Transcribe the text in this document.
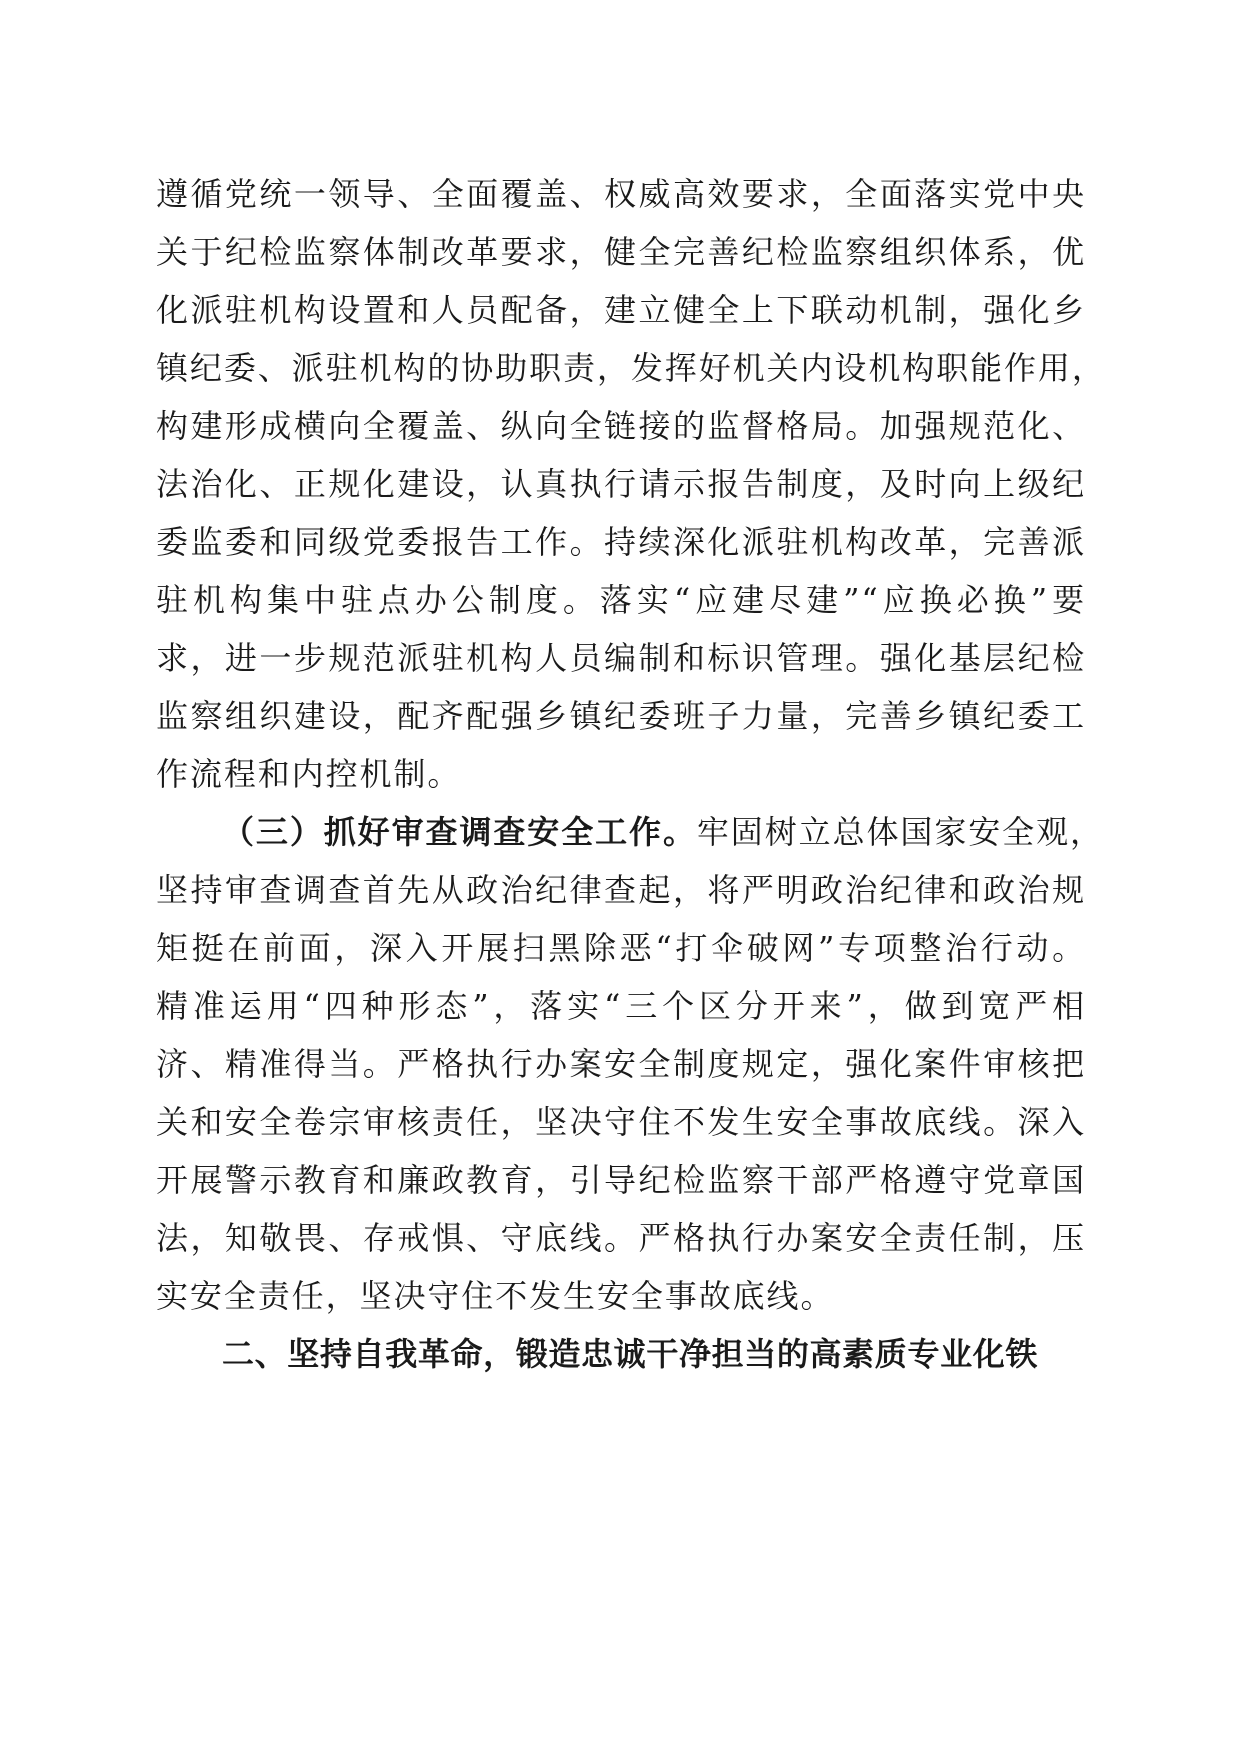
遵循党统一领导、全面覆盖、权威高效要求，全面落实党中央
关于纪检监察体制改革要求，健全完善纪检监察组织体系，优
化派驻机构设置和人员配备，建立健全上下联动机制，强化乡
镇纪委、派驻机构的协助职责，发挥好机关内设机构职能作用，
构建形成横向全覆盖、纵向全链接的监督格局。加强规范化、
法治化、正规化建设，认真执行请示报告制度，及时向上级纪
委监委和同级党委报告工作。持续深化派驻机构改革，完善派
驻机构集中驻点办公制度。落实“应建尽建”“应换必换”要
求，进一步规范派驻机构人员编制和标识管理。强化基层纪检
监察组织建设，配齐配强乡镇纪委班子力量，完善乡镇纪委工
作流程和内控机制。
（三）抓好审查调查安全工作。牢固树立总体国家安全观，
坚持审查调查首先从政治纪律查起，将严明政治纪律和政治规
矩挺在前面，深入开展扫黑除恶“打伞破网”专项整治行动。
精准运用“四种形态”，落实“三个区分开来”，做到宽严相
济、精准得当。严格执行办案安全制度规定，强化案件审核把
关和安全卷宗审核责任，坚决守住不发生安全事故底线。深入
开展警示教育和廉政教育，引导纪检监察干部严格遵守党章国
法，知敬畏、存戒惧、守底线。严格执行办案安全责任制，压
实安全责任，坚决守住不发生安全事故底线。
二、坚持自我革命，锻造忠诚干净担当的高素质专业化铁
